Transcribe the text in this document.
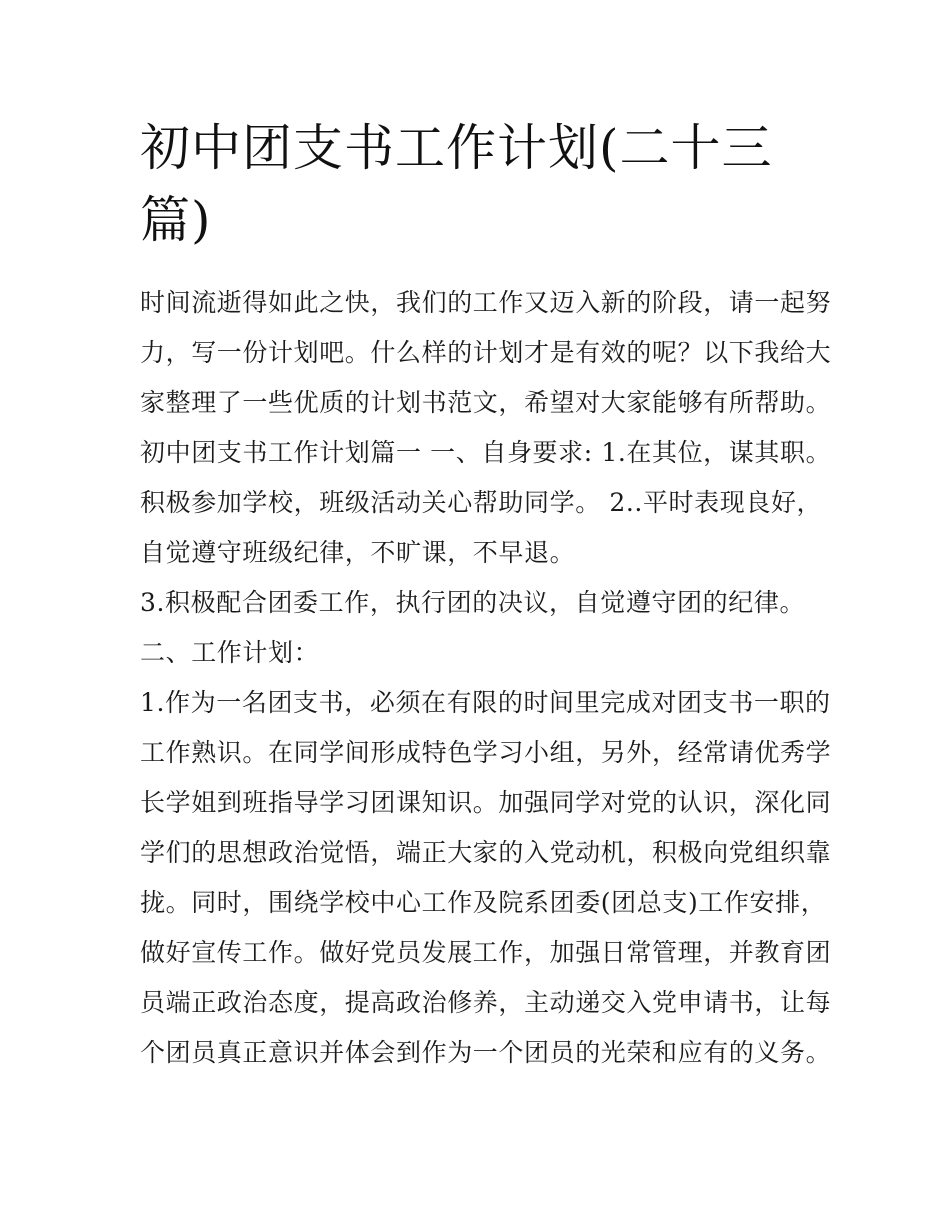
初中团支书工作计划(二十三篇)
时间流逝得如此之快，我们的工作又迈入新的阶段，请一起努
力，写一份计划吧。什么样的计划才是有效的呢？以下我给大
家整理了一些优质的计划书范文，希望对大家能够有所帮助。
初中团支书工作计划篇一 一、自身要求: 1.在其位，谋其职。
积极参加学校，班级活动关心帮助同学。 2..平时表现良好，
自觉遵守班级纪律，不旷课，不早退。
3.积极配合团委工作，执行团的决议，自觉遵守团的纪律。
二、工作计划：
1.作为一名团支书，必须在有限的时间里完成对团支书一职的
工作熟识。在同学间形成特色学习小组，另外，经常请优秀学
长学姐到班指导学习团课知识。加强同学对党的认识，深化同
学们的思想政治觉悟，端正大家的入党动机，积极向党组织靠
拢。同时，围绕学校中心工作及院系团委(团总支)工作安排，
做好宣传工作。做好党员发展工作，加强日常管理，并教育团
员端正政治态度，提高政治修养，主动递交入党申请书，让每
个团员真正意识并体会到作为一个团员的光荣和应有的义务。
